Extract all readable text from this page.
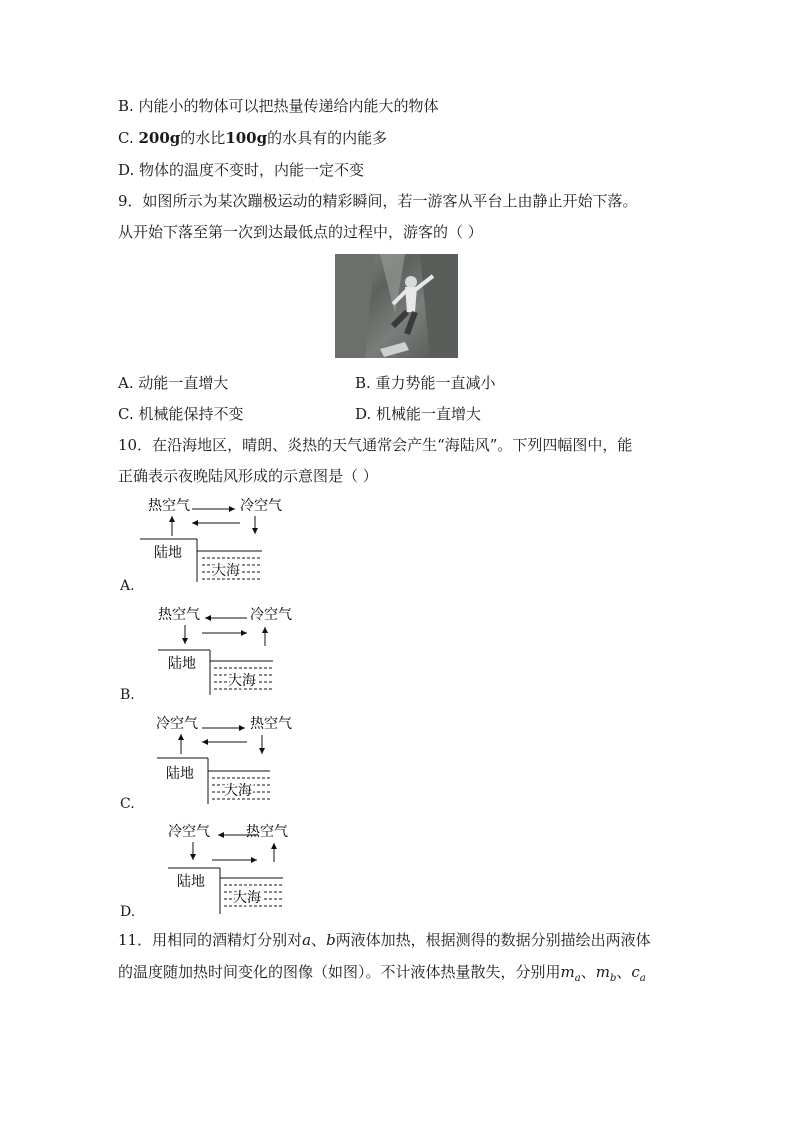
B. 内能小的物体可以把热量传递给内能大的物体
C. 200g的水比100g的水具有的内能多
D. 物体的温度不变时，内能一定不变
9．如图所示为某次蹦极运动的精彩瞬间，若一游客从平台上由静止开始下落。
从开始下落至第一次到达最低点的过程中，游客的（ ）
A. 动能一直增大	B. 重力势能一直减小
C. 机械能保持不变	D. 机械能一直增大
10．在沿海地区，晴朗、炎热的天气通常会产生“海陆风”。下列四幅图中，能
正确表示夜晚陆风形成的示意图是（ ）
热空气	冷空气
陆地
大海
A.
热空气	冷空气
陆地
大海
B.
冷空气	热空气
陆地
大海
C.
冷空气	热空气
陆地
大海
D.
11．用相同的酒精灯分别对a、b两液体加热，根据测得的数据分别描绘出两液体
的温度随加热时间变化的图像（如图）。不计液体热量散失，分别用$m_a$、$m_b$、$c_a$
